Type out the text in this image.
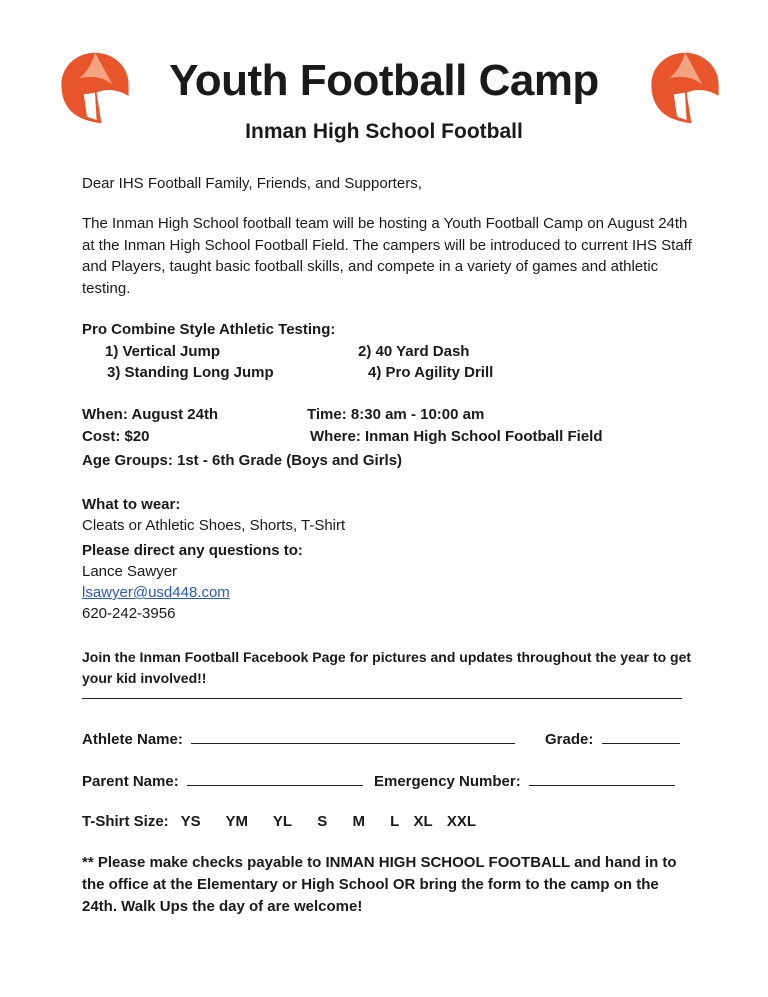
Youth Football Camp
Inman High School Football
Dear IHS Football Family, Friends, and Supporters,
The Inman High School football team will be hosting a Youth Football Camp on August 24th at the Inman High School Football Field. The campers will be introduced to current IHS Staff and Players, taught basic football skills, and compete in a variety of games and athletic testing.
Pro Combine Style Athletic Testing:
1) Vertical Jump	2) 40 Yard Dash
3) Standing Long Jump	4) Pro Agility Drill
When: August 24th	Time: 8:30 am - 10:00 am
Cost: $20	Where: Inman High School Football Field
Age Groups: 1st - 6th Grade (Boys and Girls)
What to wear:
Cleats or Athletic Shoes, Shorts, T-Shirt
Please direct any questions to:
Lance Sawyer
lsawyer@usd448.com
620-242-3956
Join the Inman Football Facebook Page for pictures and updates throughout the year to get your kid involved!!
Athlete Name:	Grade:
Parent Name:	Emergency Number:
T-Shirt Size: YS YM YL S M L XL XXL
** Please make checks payable to INMAN HIGH SCHOOL FOOTBALL and hand in to the office at the Elementary or High School OR bring the form to the camp on the 24th. Walk Ups the day of are welcome!
